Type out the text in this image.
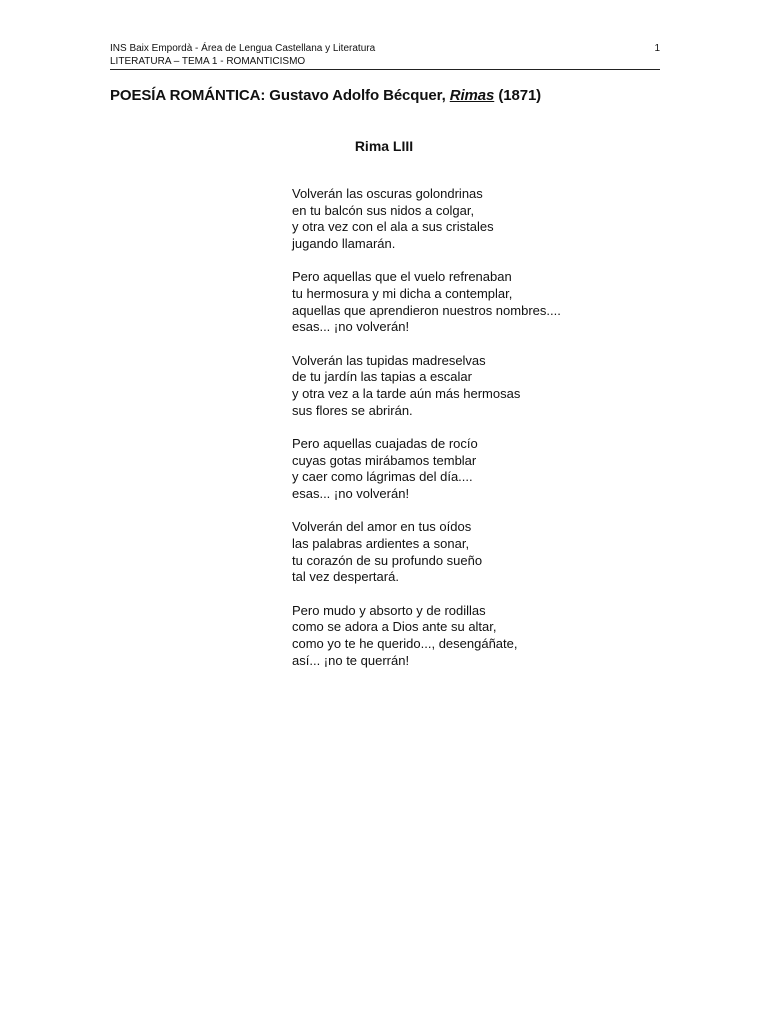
INS Baix Empordà - Área de Lengua Castellana y Literatura
LITERATURA – TEMA 1 - ROMANTICISMO
1
POESÍA ROMÁNTICA: Gustavo Adolfo Bécquer, Rimas (1871)
Rima LIII
Volverán las oscuras golondrinas
en tu balcón sus nidos a colgar,
y otra vez con el ala a sus cristales
jugando llamarán.
Pero aquellas que el vuelo refrenaban
tu hermosura y mi dicha a contemplar,
aquellas que aprendieron nuestros nombres....
esas... ¡no volverán!
Volverán las tupidas madreselvas
de tu jardín las tapias a escalar
y otra vez a la tarde aún más hermosas
sus flores se abrirán.
Pero aquellas cuajadas de rocío
cuyas gotas mirábamos temblar
y caer como lágrimas del día....
esas... ¡no volverán!
Volverán del amor en tus oídos
las palabras ardientes a sonar,
tu corazón de su profundo sueño
tal vez despertará.
Pero mudo y absorto y de rodillas
como se adora a Dios ante su altar,
como yo te he querido..., desengáñate,
así... ¡no te querrán!
